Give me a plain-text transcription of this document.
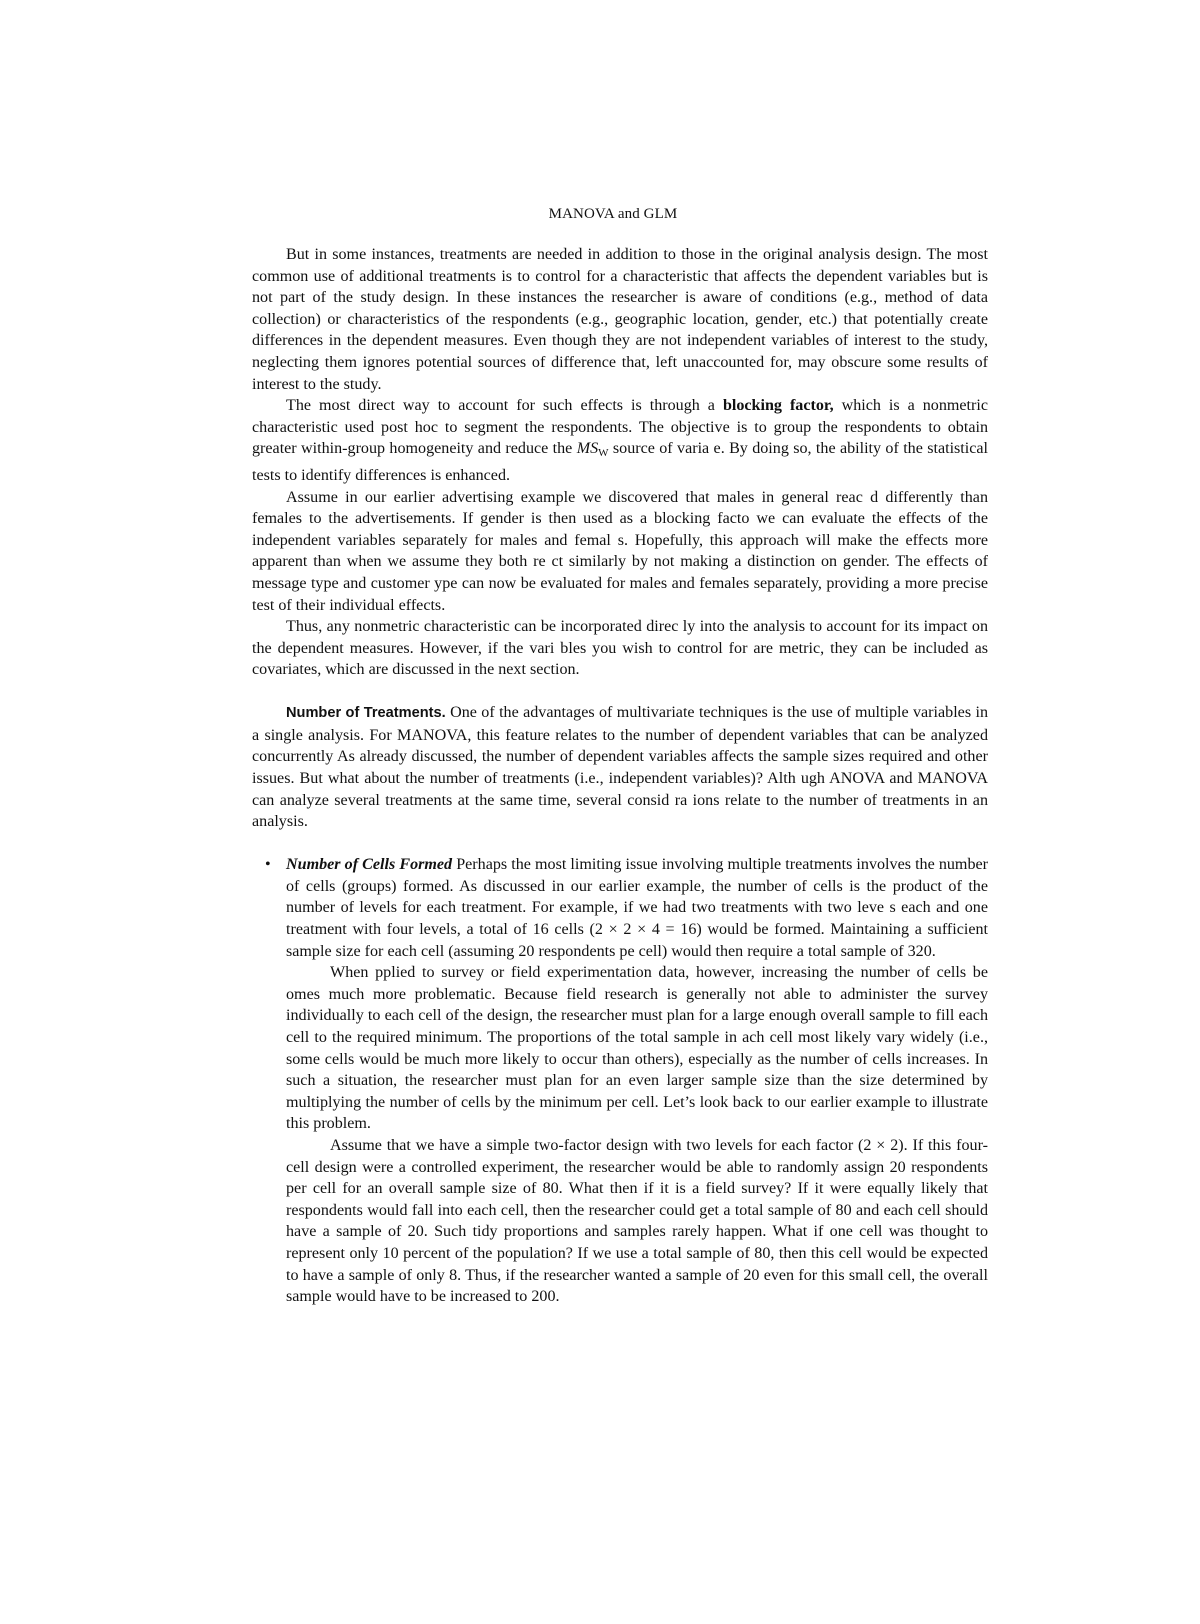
MANOVA and GLM

But in some instances, treatments are needed in addition to those in the original analysis design. The most common use of additional treatments is to control for a characteristic that affects the dependent variables but is not part of the study design. In these instances the researcher is aware of conditions (e.g., method of data collection) or characteristics of the respondents (e.g., geographic location, gender, etc.) that potentially create differences in the dependent measures. Even though they are not independent variables of interest to the study, neglecting them ignores potential sources of difference that, left unaccounted for, may obscure some results of interest to the study.

The most direct way to account for such effects is through a blocking factor, which is a nonmetric characteristic used post hoc to segment the respondents. The objective is to group the respondents to obtain greater within-group homogeneity and reduce the MSW source of varia e. By doing so, the ability of the statistical tests to identify differences is enhanced.

Assume in our earlier advertising example we discovered that males in general reac d differently than females to the advertisements. If gender is then used as a blocking facto we can evaluate the effects of the independent variables separately for males and femal s. Hopefully, this approach will make the effects more apparent than when we assume they both re ct similarly by not making a distinction on gender. The effects of message type and customer ype can now be evaluated for males and females separately, providing a more precise test of their individual effects.

Thus, any nonmetric characteristic can be incorporated direc ly into the analysis to account for its impact on the dependent measures. However, if the vari bles you wish to control for are metric, they can be included as covariates, which are discussed in the next section.

Number of Treatments. One of the advantages of multivariate techniques is the use of multiple variables in a single analysis. For MANOVA, this feature relates to the number of dependent variables that can be analyzed concurrently As already discussed, the number of dependent variables affects the sample sizes required and other issues. But what about the number of treatments (i.e., independent variables)? Alth ugh ANOVA and MANOVA can analyze several treatments at the same time, several consid ra ions relate to the number of treatments in an analysis.

• Number of Cells Formed Perhaps the most limiting issue involving multiple treatments involves the number of cells (groups) formed. As discussed in our earlier example, the number of cells is the product of the number of levels for each treatment. For example, if we had two treatments with two leve s each and one treatment with four levels, a total of 16 cells (2 × 2 × 4 = 16) would be formed. Maintaining a sufficient sample size for each cell (assuming 20 respondents pe cell) would then require a total sample of 320.

When pplied to survey or field experimentation data, however, increasing the number of cells be omes much more problematic. Because field research is generally not able to administer the survey individually to each cell of the design, the researcher must plan for a large enough overall sample to fill each cell to the required minimum. The proportions of the total sample in ach cell most likely vary widely (i.e., some cells would be much more likely to occur than others), especially as the number of cells increases. In such a situation, the researcher must plan for an even larger sample size than the size determined by multiplying the number of cells by the minimum per cell. Let’s look back to our earlier example to illustrate this problem.

Assume that we have a simple two-factor design with two levels for each factor (2 × 2). If this four-cell design were a controlled experiment, the researcher would be able to randomly assign 20 respondents per cell for an overall sample size of 80. What then if it is a field survey? If it were equally likely that respondents would fall into each cell, then the researcher could get a total sample of 80 and each cell should have a sample of 20. Such tidy proportions and samples rarely happen. What if one cell was thought to represent only 10 percent of the population? If we use a total sample of 80, then this cell would be expected to have a sample of only 8. Thus, if the researcher wanted a sample of 20 even for this small cell, the overall sample would have to be increased to 200.
